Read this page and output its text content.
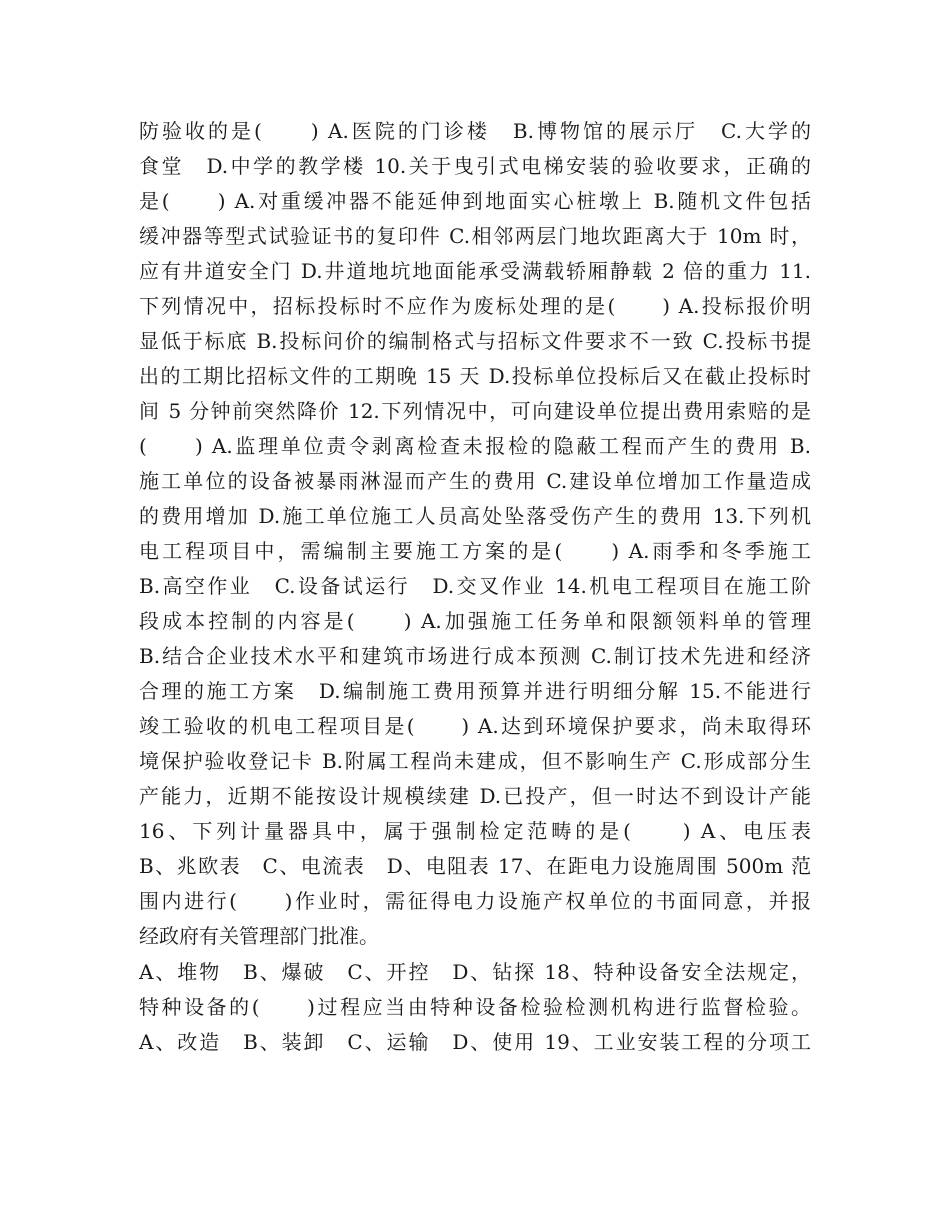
防验收的是(　　) A.医院的门诊楼　B.博物馆的展示厅　C.大学的
食堂　D.中学的教学楼 10.关于曳引式电梯安装的验收要求，正确的
是(　　) A.对重缓冲器不能延伸到地面实心桩墩上 B.随机文件包括
缓冲器等型式试验证书的复印件 C.相邻两层门地坎距离大于 10m 时，
应有井道安全门 D.井道地坑地面能承受满载轿厢静载 2 倍的重力 11.
下列情况中，招标投标时不应作为废标处理的是(　　) A.投标报价明
显低于标底 B.投标问价的编制格式与招标文件要求不一致 C.投标书提
出的工期比招标文件的工期晚 15 天 D.投标单位投标后又在截止投标时
间 5 分钟前突然降价 12.下列情况中，可向建设单位提出费用索赔的是
(　　) A.监理单位责令剥离检查未报检的隐蔽工程而产生的费用 B.
施工单位的设备被暴雨淋湿而产生的费用 C.建设单位增加工作量造成
的费用增加 D.施工单位施工人员高处坠落受伤产生的费用 13.下列机
电工程项目中，需编制主要施工方案的是(　　) A.雨季和冬季施工
B.高空作业　C.设备试运行　D.交叉作业 14.机电工程项目在施工阶
段成本控制的内容是(　　) A.加强施工任务单和限额领料单的管理
B.结合企业技术水平和建筑市场进行成本预测 C.制订技术先进和经济
合理的施工方案　D.编制施工费用预算并进行明细分解 15.不能进行
竣工验收的机电工程项目是(　　) A.达到环境保护要求，尚未取得环
境保护验收登记卡 B.附属工程尚未建成，但不影响生产 C.形成部分生
产能力，近期不能按设计规模续建 D.已投产，但一时达不到设计产能
16、下列计量器具中，属于强制检定范畴的是(　　) A、电压表
B、兆欧表　C、电流表　D、电阻表 17、在距电力设施周围 500m 范
围内进行(　　)作业时，需征得电力设施产权单位的书面同意，并报
经政府有关管理部门批准。
A、堆物　B、爆破　C、开控　D、钻探 18、特种设备安全法规定，
特种设备的(　　)过程应当由特种设备检验检测机构进行监督检验。
A、改造　B、装卸　C、运输　D、使用 19、工业安装工程的分项工
